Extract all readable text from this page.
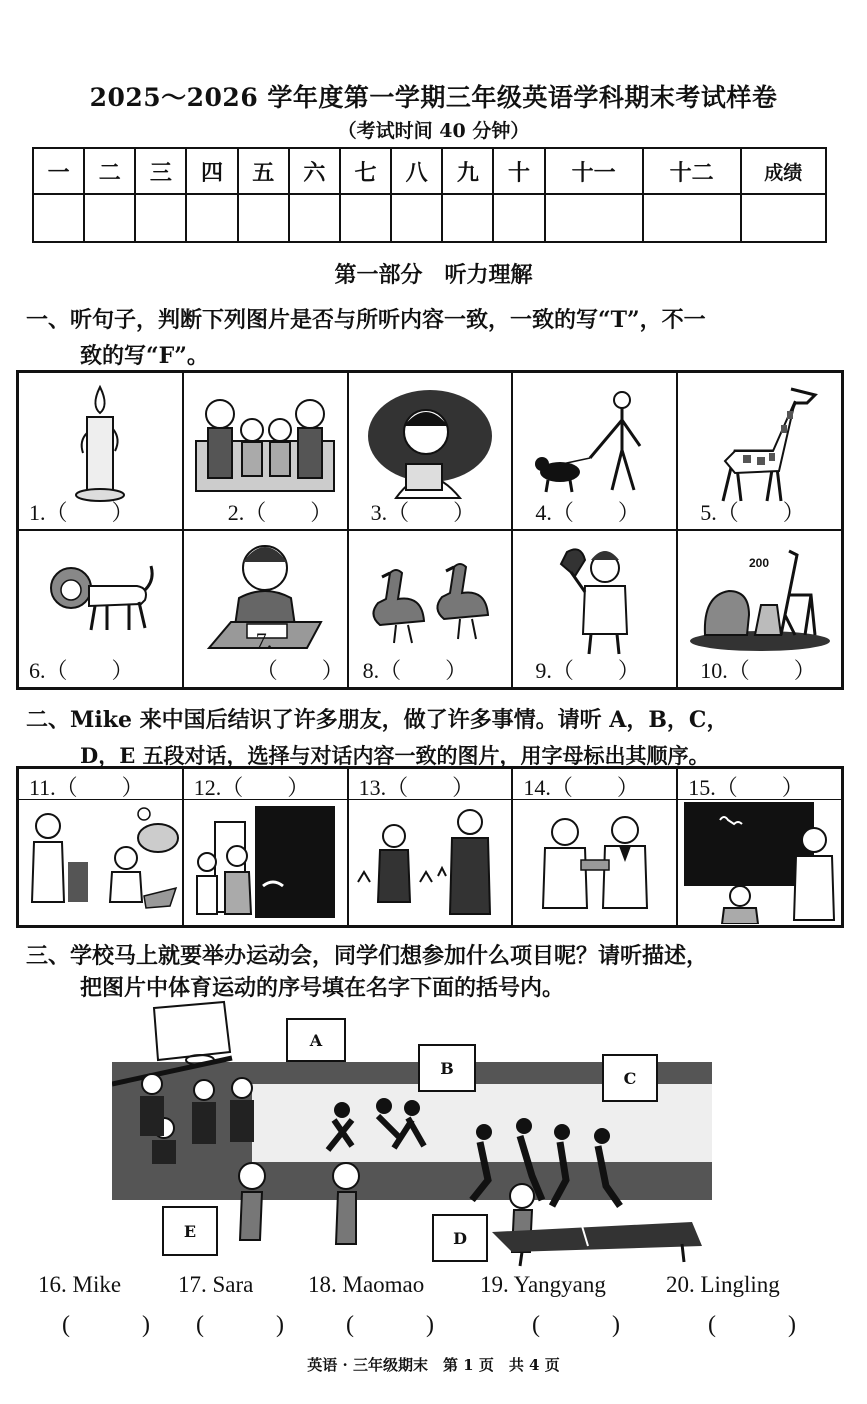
2025～2026 学年度第一学期三年级英语学科期末考试样卷
（考试时间 40 分钟）
一	二	三	四	五	六	七	八	九	十	十一	十二	成绩

第一部分　听力理解
一、听句子，判断下列图片是否与所听内容一致，一致的写“T”，不一
致的写“F”。
1.（　　）	2.（　　） 3.（　　）	4.（　　）	5.（　　）
6.（　　）
7.（　　） 8.（　　）	9.（　　）
200
10.（　　）
二、Mike 来中国后结识了许多朋友，做了许多事情。请听 A，B，C，
D，E 五段对话，选择与对话内容一致的图片，用字母标出其顺序。
11.（　　） 12.（　　） 13.（　　） 14.（　　） 15.（　　）
三、学校马上就要举办运动会，同学们想参加什么项目呢？请听描述，
把图片中体育运动的序号填在名字下面的括号内。
A
B
C
D
E
16. Mike 17. Sara 18. Maomao 19. Yangyang	20. Lingling
(　　　) (　　　)	(　　　)	(　　　)	(　　　)
英语 · 三年级期末　第 1 页　共 4 页
